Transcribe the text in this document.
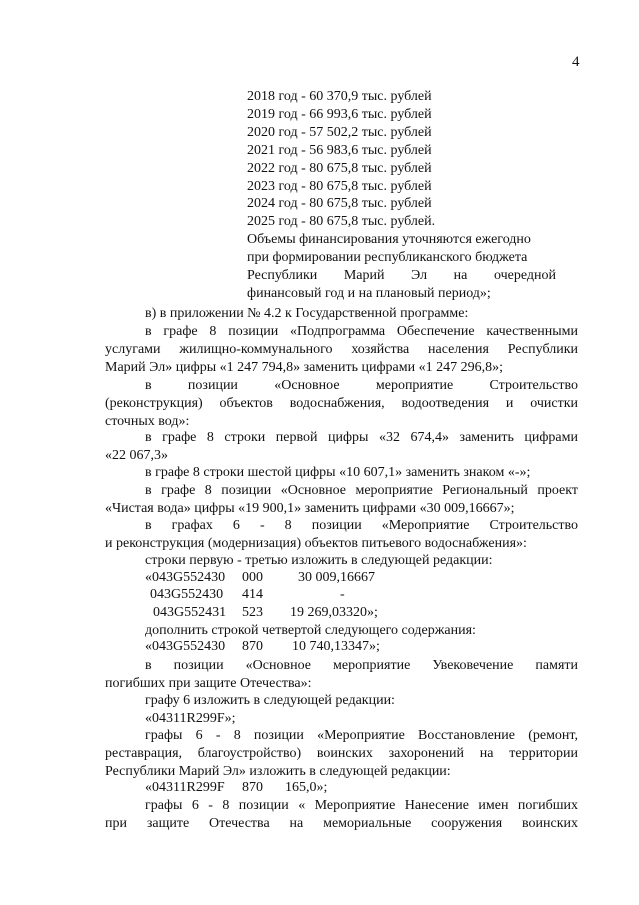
4
2018 год - 60 370,9 тыс. рублей
2019 год - 66 993,6 тыс. рублей
2020 год - 57 502,2 тыс. рублей
2021 год - 56 983,6 тыс. рублей
2022 год - 80 675,8 тыс. рублей
2023 год - 80 675,8 тыс. рублей
2024 год - 80 675,8 тыс. рублей
2025 год - 80 675,8 тыс. рублей.
Объемы финансирования уточняются ежегодно
при формировании республиканского бюджета
Республики Марий Эл на очередной
финансовый год и на плановый период»;
в) в приложении № 4.2 к Государственной программе:
в графе 8 позиции «Подпрограмма Обеспечение качественными
услугами жилищно-коммунального хозяйства населения Республики
Марий Эл» цифры «1 247 794,8» заменить цифрами «1 247 296,8»;
в позиции «Основное мероприятие Строительство
(реконструкция) объектов водоснабжения, водоотведения и очистки
сточных вод»:
в графе 8 строки первой цифры «32 674,4» заменить цифрами
«22 067,3»
в графе 8 строки шестой цифры «10 607,1» заменить знаком «-»;
в графе 8 позиции «Основное мероприятие Региональный проект
«Чистая вода» цифры «19 900,1» заменить цифрами «30 009,16667»;
в графах 6 - 8 позиции «Мероприятие Строительство
и реконструкция (модернизация) объектов питьевого водоснабжения»:
строки первую - третью изложить в следующей редакции:
«043G552430 000	30 009,16667
043G552430 414	-
043G552431 523 19 269,03320»;
дополнить строкой четвертой следующего содержания:
«043G552430 870 10 740,13347»;
в позиции «Основное мероприятие Увековечение памяти
погибших при защите Отечества»:
графу 6 изложить в следующей редакции:
«04311R299F»;
графы 6 - 8 позиции «Мероприятие Восстановление (ремонт,
реставрация, благоустройство) воинских захоронений на территории
Республики Марий Эл» изложить в следующей редакции:
«04311R299F 870 165,0»;
графы 6 - 8 позиции « Мероприятие Нанесение имен погибших
при защите Отечества на мемориальные сооружения воинских
